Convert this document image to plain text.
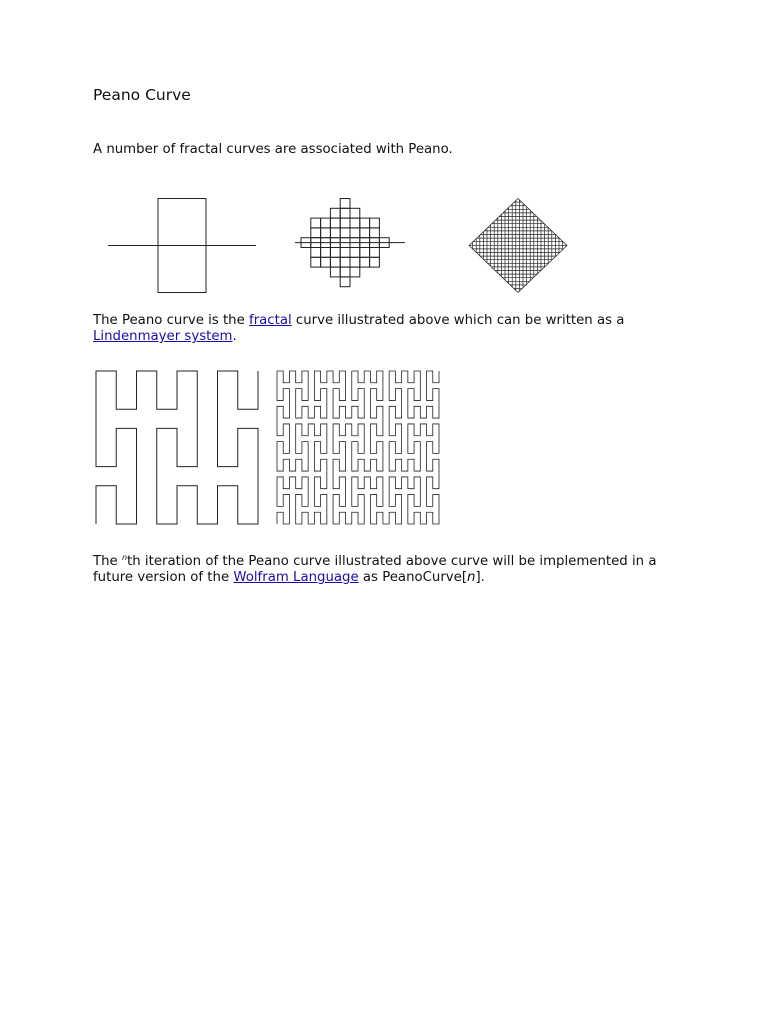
Peano Curve

A number of fractal curves are associated with Peano.

The Peano curve is the fractal curve illustrated above which can be written as a Lindenmayer system.

The $^n$th iteration of the Peano curve illustrated above curve will be implemented in a future version of the Wolfram Language as PeanoCurve[n].
